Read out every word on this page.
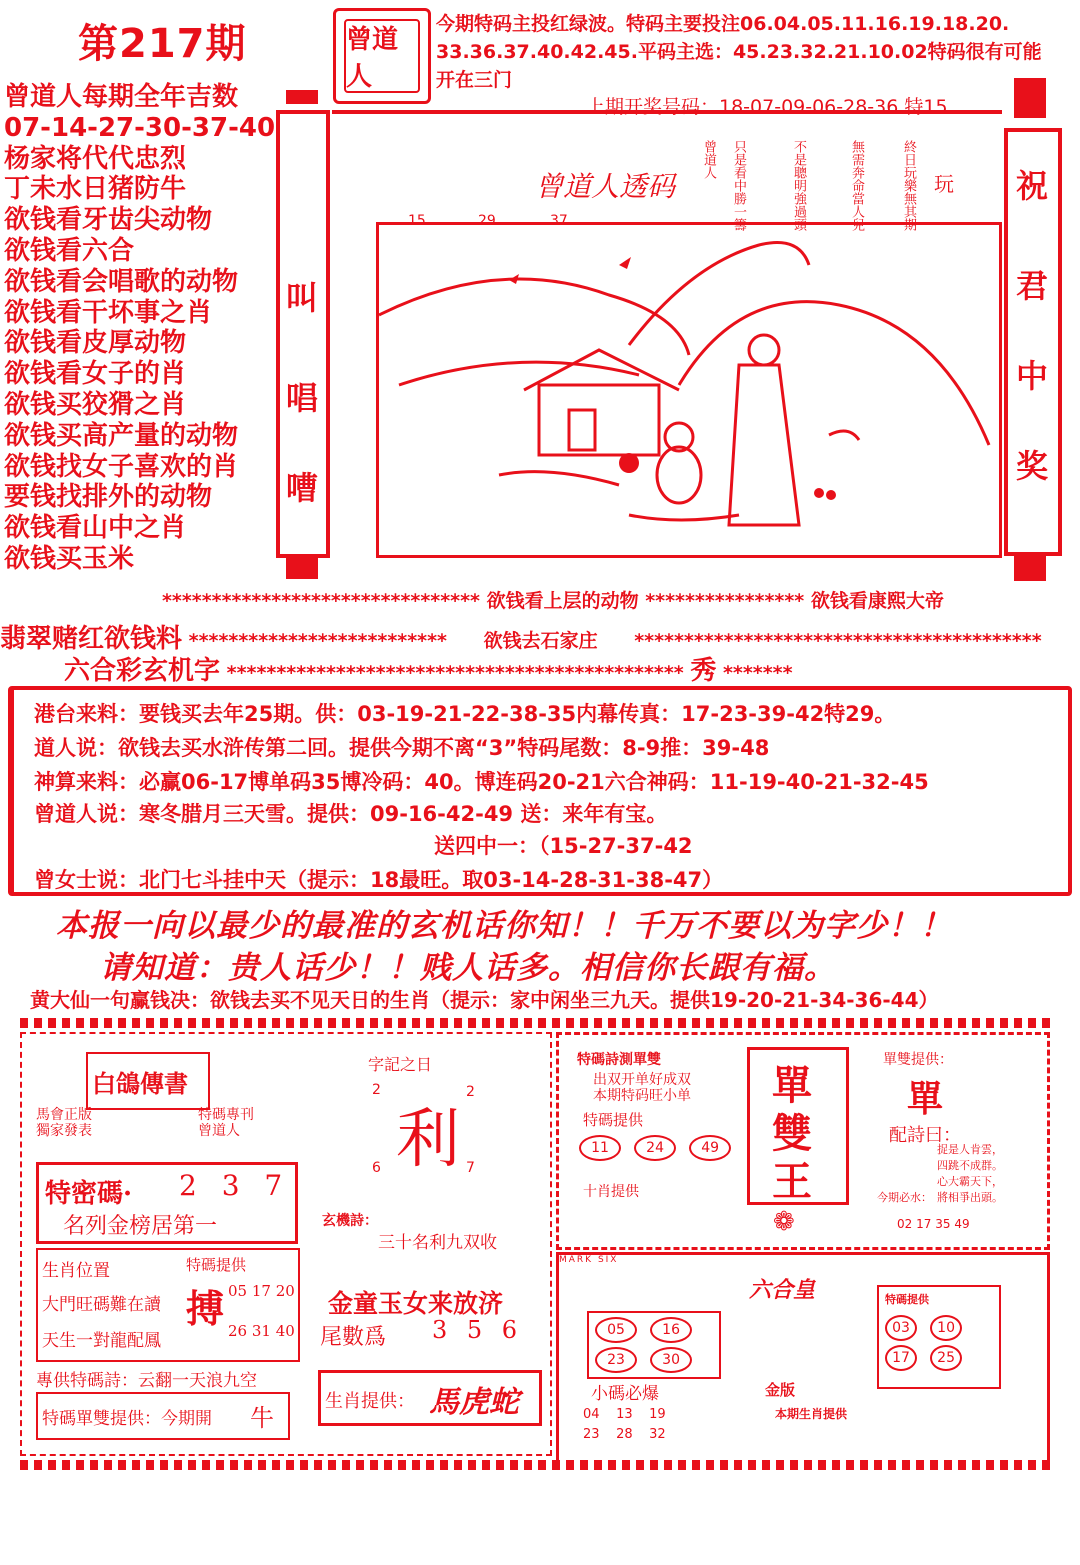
第217期	曾道人
今期特码主投红绿波。特码主要投注06.04.05.11.16.19.18.20.
33.36.37.40.42.45.平码主选：45.23.32.21.10.02特码很有可能
开在三门
上期开奖号码：18-07-09-06-28-36 特15
曾道人每期全年吉数
07-14-27-30-37-40
杨家将代代忠烈
丁未水日猪防牛
欲钱看牙齿尖动物
欲钱看六合
欲钱看会唱歌的动物
欲钱看干坏事之肖
欲钱看皮厚动物
欲钱看女子的肖
欲钱买狡猾之肖
欲钱买高产量的动物
欲钱找女子喜欢的肖
要钱找排外的动物
欲钱看山中之肖
欲钱买玉米
叫
唱
嘈
祝
君
中
奖
曾道人透码
15	29	37
曾道人 只是看中勝一籌	不是聰明強過頭	無需奔命當人兒	終日玩樂無其期 玩
******************************** 欲钱看上层的动物 **************** 欲钱看康熙大帝
翡翠赌红欲钱料 ************************** 欲钱去石家庄 *****************************************
六合彩玄机字 ********************************************** 秀 *******
港台来料：要钱买去年25期。供：03-19-21-22-38-35内幕传真：17-23-39-42特29。
道人说：欲钱去买水浒传第二回。提供今期不离“3”特码尾数：8-9推：39-48
神算来料：必赢06-17博单码35博冷码：40。博连码20-21六合神码：11-19-40-21-32-45
曾道人说：寒冬腊月三天雪。提供：09-16-42-49 送：来年有宝。
送四中一：（15-27-37-42
曾女士说：北门七斗挂中天（提示：18最旺。取03-14-28-31-38-47）
本报一向以最少的最准的玄机话你知！！千万不要以为字少！！
请知道：贵人话少！！贱人话多。相信你长跟有福。
黄大仙一句赢钱决：欲钱去买不见天日的生肖（提示：家中闲坐三九天。提供19-20-21-34-36-44）
白鴿傳書
馬會正版
獨家發表
特碼專刊
曾道人
特密碼· 2 3 7
名列金榜居第一
生肖位置
大門旺碼難在讀
天生一對龍配鳳
特碼提供
搏 05 17 20
26 31 40
專供特碼詩：云翻一天浪九空
特碼單雙提供：今期開 牛
字記之日
利
2	2
6	7
玄機詩：
三十名利九双收
金童玉女来放济
尾數爲 3 5 6
生肖提供： 馬虎蛇
特碼詩測單雙
出双开单好成双
本期特码旺小单
特碼提供
11	24	49
十肖提供
單
雙
王
❁
單雙提供：
單
配詩曰：
捉是人肯雲，
四跳不成群。
心大霸天下，
將相爭出頭。
今期必水：
02 17 35 49
MARK SIX
六合皇
05	16
23	30
小碼必爆
04 13 19
23 28 32
金版
特碼提供
03 10
17 25
本期生肖提供
